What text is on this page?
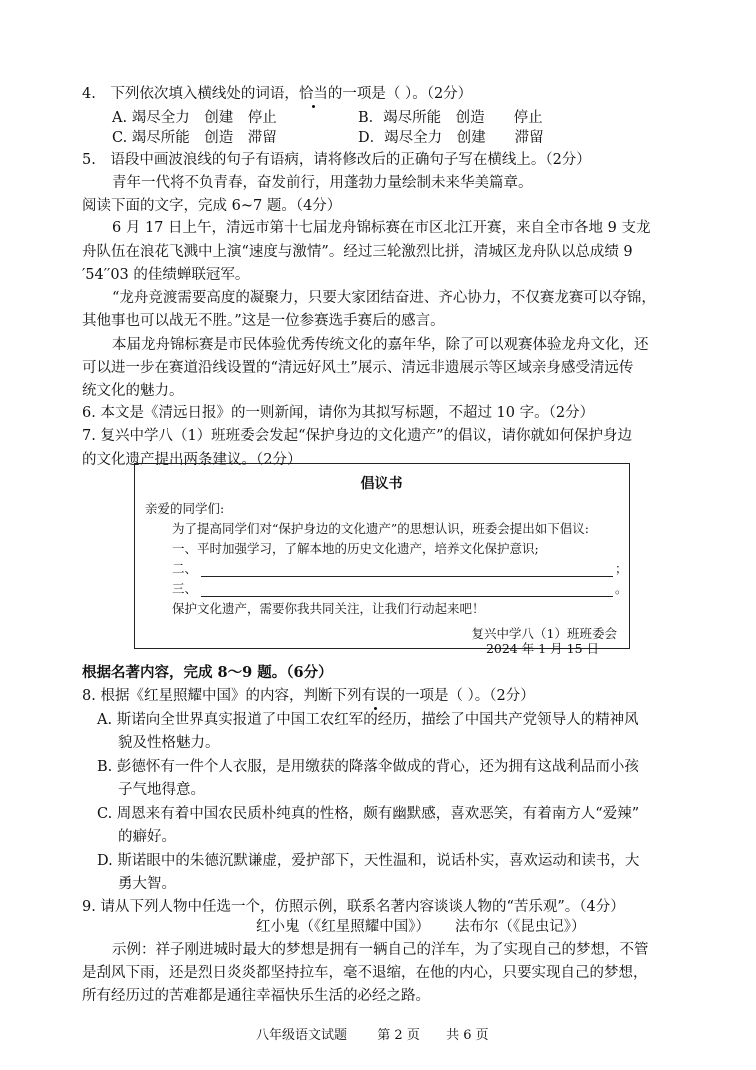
4.　下列依次填入横线处的词语，恰当的一项是（ ）。（2分）
A. 竭尽全力　创建　停止	B．竭尽所能　创造　　停止
C. 竭尽所能　创造　滞留	D．竭尽全力　创建　　滞留
5.　语段中画波浪线的句子有语病，请将修改后的正确句子写在横线上。（2分）
青年一代将不负青春，奋发前行，用蓬勃力量绘制未来华美篇章。
阅读下面的文字，完成 6~7 题。（4分）
6 月 17 日上午，清远市第十七届龙舟锦标赛在市区北江开赛，来自全市各地 9 支龙
舟队伍在浪花飞溅中上演“速度与激情”。经过三轮激烈比拼，清城区龙舟队以总成绩 9
′54′′03 的佳绩蝉联冠军。
“龙舟竞渡需要高度的凝聚力，只要大家团结奋进、齐心协力，不仅赛龙赛可以夺锦，
其他事也可以战无不胜。”这是一位参赛选手赛后的感言。
本届龙舟锦标赛是市民体验优秀传统文化的嘉年华，除了可以观赛体验龙舟文化，还
可以进一步在赛道沿线设置的“清远好风土”展示、清远非遗展示等区域亲身感受清远传
统文化的魅力。
6. 本文是《清远日报》的一则新闻，请你为其拟写标题，不超过 10 字。（2分）
7. 复兴中学八（1）班班委会发起“保护身边的文化遗产”的倡议，请你就如何保护身边
的文化遗产提出两条建议。（2分）
倡议书
亲爱的同学们:
为了提高同学们对“保护身边的文化遗产”的思想认识，班委会提出如下倡议:
一、平时加强学习，了解本地的历史文化遗产，培养文化保护意识;
二、	；
三、	。
保护文化遗产，需要你我共同关注，让我们行动起来吧！
复兴中学八（1）班班委会
2024 年 1 月 15 日
根据名著内容，完成 8～9 题。（6分）
8. 根据《红星照耀中国》的内容，判断下列有误的一项是（ ）。（2分）
A. 斯诺向全世界真实报道了中国工农红军的经历，描绘了中国共产党领导人的精神风
貌及性格魅力。
B. 彭德怀有一件个人衣服，是用缴获的降落伞做成的背心，还为拥有这战利品而小孩
子气地得意。
C. 周恩来有着中国农民质朴纯真的性格，颇有幽默感，喜欢恶笑，有着南方人“爱辣”
的癖好。
D. 斯诺眼中的朱德沉默谦虚，爱护部下，天性温和，说话朴实，喜欢运动和读书，大
勇大智。
9. 请从下列人物中任选一个，仿照示例，联系名著内容谈谈人物的“苦乐观”。（4分）
红小鬼（《红星照耀中国》） 法布尔（《昆虫记》）
示例：祥子刚进城时最大的梦想是拥有一辆自己的洋车，为了实现自己的梦想，不管
是刮风下雨，还是烈日炎炎都坚持拉车，毫不退缩，在他的内心，只要实现自己的梦想，
所有经历过的苦难都是通往幸福快乐生活的必经之路。
八年级语文试题 第 2 页 共 6 页
